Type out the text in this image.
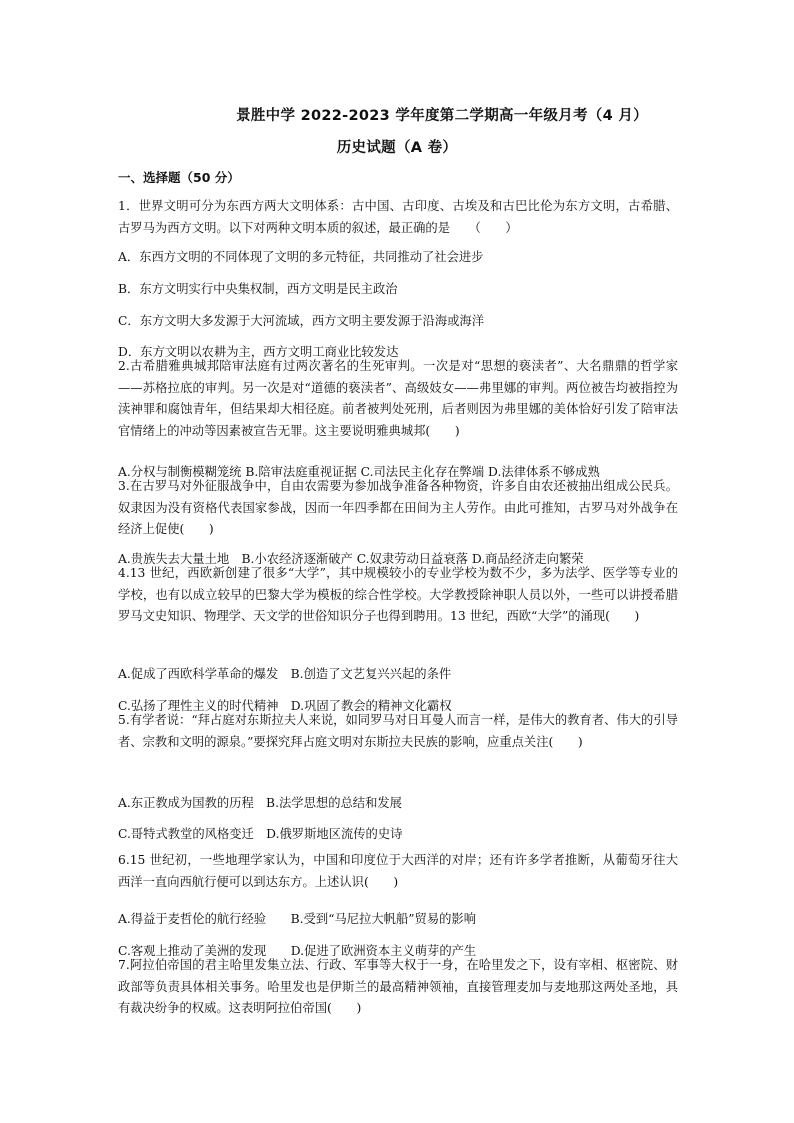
景胜中学 2022-2023 学年度第二学期高一年级月考（4 月）
历史试题（A 卷）
一、选择题（50 分）
1．世界文明可分为东西方两大文明体系：古中国、古印度、古埃及和古巴比伦为东方文明，古希腊、古罗马为西方文明。以下对两种文明本质的叙述，最正确的是　　（　　）
A．东西方文明的不同体现了文明的多元特征，共同推动了社会进步
B．东方文明实行中央集权制，西方文明是民主政治
C．东方文明大多发源于大河流域，西方文明主要发源于沿海或海洋
D．东方文明以农耕为主，西方文明工商业比较发达
2.古希腊雅典城邦陪审法庭有过两次著名的生死审判。一次是对“思想的亵渎者”、大名鼎鼎的哲学家——苏格拉底的审判。另一次是对“道德的亵渎者”、高级妓女——弗里娜的审判。两位被告均被指控为渎神罪和腐蚀青年，但结果却大相径庭。前者被判处死刑，后者则因为弗里娜的美体恰好引发了陪审法官情绪上的冲动等因素被宣告无罪。这主要说明雅典城邦(　　)
A.分权与制衡模糊笼统 B.陪审法庭重视证据 C.司法民主化存在弊端 D.法律体系不够成熟
3.在古罗马对外征服战争中，自由农需要为参加战争准备各种物资，许多自由农还被抽出组成公民兵。奴隶因为没有资格代表国家参战，因而一年四季都在田间为主人劳作。由此可推知，古罗马对外战争在经济上促使(　　)
A.贵族失去大量土地　B.小农经济逐渐破产 C.奴隶劳动日益衰落 D.商品经济走向繁荣
4.13 世纪，西欧新创建了很多“大学”，其中规模较小的专业学校为数不少，多为法学、医学等专业的学校，也有以成立较早的巴黎大学为模板的综合性学校。大学教授除神职人员以外，一些可以讲授希腊罗马文史知识、物理学、天文学的世俗知识分子也得到聘用。13 世纪，西欧“大学”的涌现(　　)
A.促成了西欧科学革命的爆发　B.创造了文艺复兴兴起的条件
C.弘扬了理性主义的时代精神　D.巩固了教会的精神文化霸权
5.有学者说：“拜占庭对东斯拉夫人来说，如同罗马对日耳曼人而言一样，是伟大的教育者、伟大的引导者、宗教和文明的源泉。”要探究拜占庭文明对东斯拉夫民族的影响，应重点关注(　　)
A.东正教成为国教的历程　B.法学思想的总结和发展
C.哥特式教堂的风格变迁　D.俄罗斯地区流传的史诗
6.15 世纪初，一些地理学家认为，中国和印度位于大西洋的对岸；还有许多学者推断，从葡萄牙往大西洋一直向西航行便可以到达东方。上述认识(　　)
A.得益于麦哲伦的航行经验　　B.受到“马尼拉大帆船”贸易的影响
C.客观上推动了美洲的发现　　D.促进了欧洲资本主义萌芽的产生
7.阿拉伯帝国的君主哈里发集立法、行政、军事等大权于一身，在哈里发之下，设有宰相、枢密院、财政部等负责具体相关事务。哈里发也是伊斯兰的最高精神领袖，直接管理麦加与麦地那这两处圣地，具有裁决纷争的权威。这表明阿拉伯帝国(　　)
